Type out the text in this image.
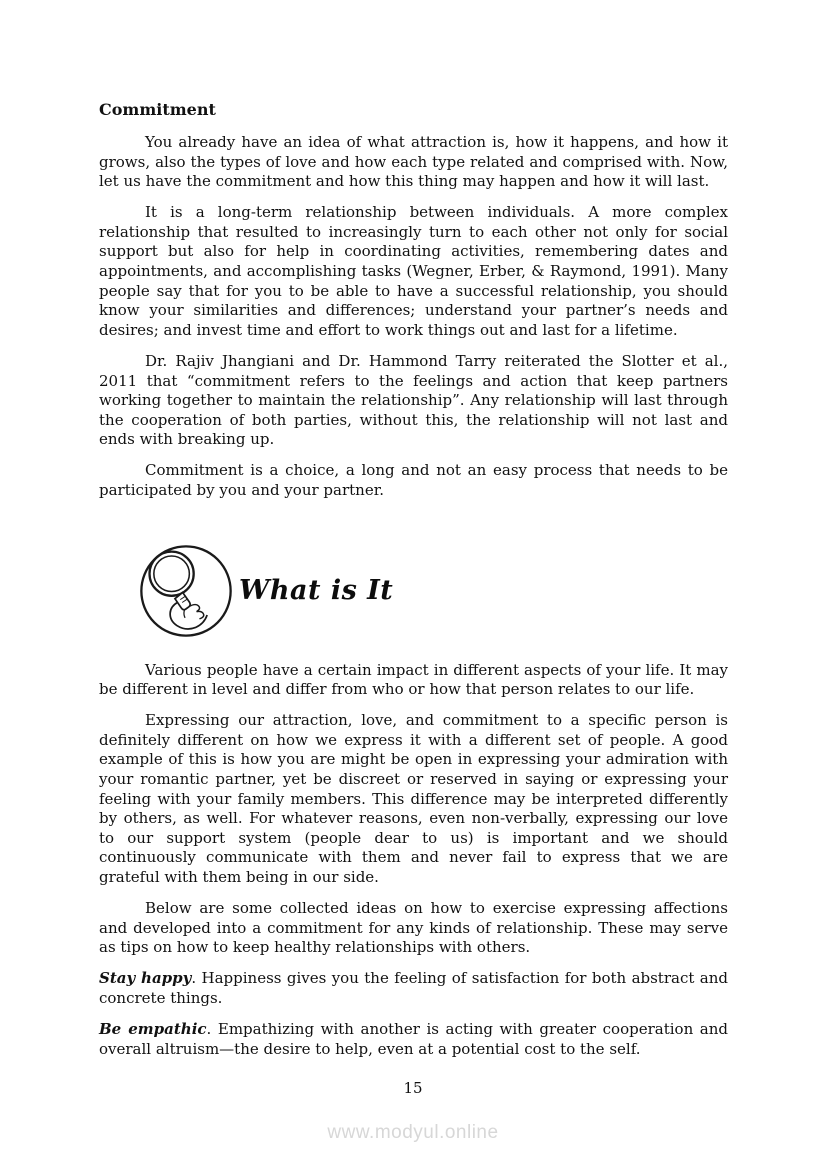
Commitment

You already have an idea of what attraction is, how it happens, and how it grows, also the types of love and how each type related and comprised with. Now, let us have the commitment and how this thing may happen and how it will last.

It is a long-term relationship between individuals. A more complex relationship that resulted to increasingly turn to each other not only for social support but also for help in coordinating activities, remembering dates and appointments, and accomplishing tasks (Wegner, Erber, & Raymond, 1991). Many people say that for you to be able to have a successful relationship, you should know your similarities and differences; understand your partner’s needs and desires; and invest time and effort to work things out and last for a lifetime.

Dr. Rajiv Jhangiani and Dr. Hammond Tarry reiterated the Slotter et al., 2011 that “commitment refers to the feelings and action that keep partners working together to maintain the relationship”. Any relationship will last through the cooperation of both parties, without this, the relationship will not last and ends with breaking up.

Commitment is a choice, a long and not an easy process that needs to be participated by you and your partner.

What is It

Various people have a certain impact in different aspects of your life. It may be different in level and differ from who or how that person relates to our life.

Expressing our attraction, love, and commitment to a specific person is definitely different on how we express it with a different set of people. A good example of this is how you are might be open in expressing your admiration with your romantic partner, yet be discreet or reserved in saying or expressing your feeling with your family members. This difference may be interpreted differently by others, as well. For whatever reasons, even non-verbally, expressing our love to our support system (people dear to us) is important and we should continuously communicate with them and never fail to express that we are grateful with them being in our side.

Below are some collected ideas on how to exercise expressing affections and developed into a commitment for any kinds of relationship. These may serve as tips on how to keep healthy relationships with others.

Stay happy. Happiness gives you the feeling of satisfaction for both abstract and concrete things.

Be empathic. Empathizing with another is acting with greater cooperation and overall altruism—the desire to help, even at a potential cost to the self.

15
www.modyul.online
